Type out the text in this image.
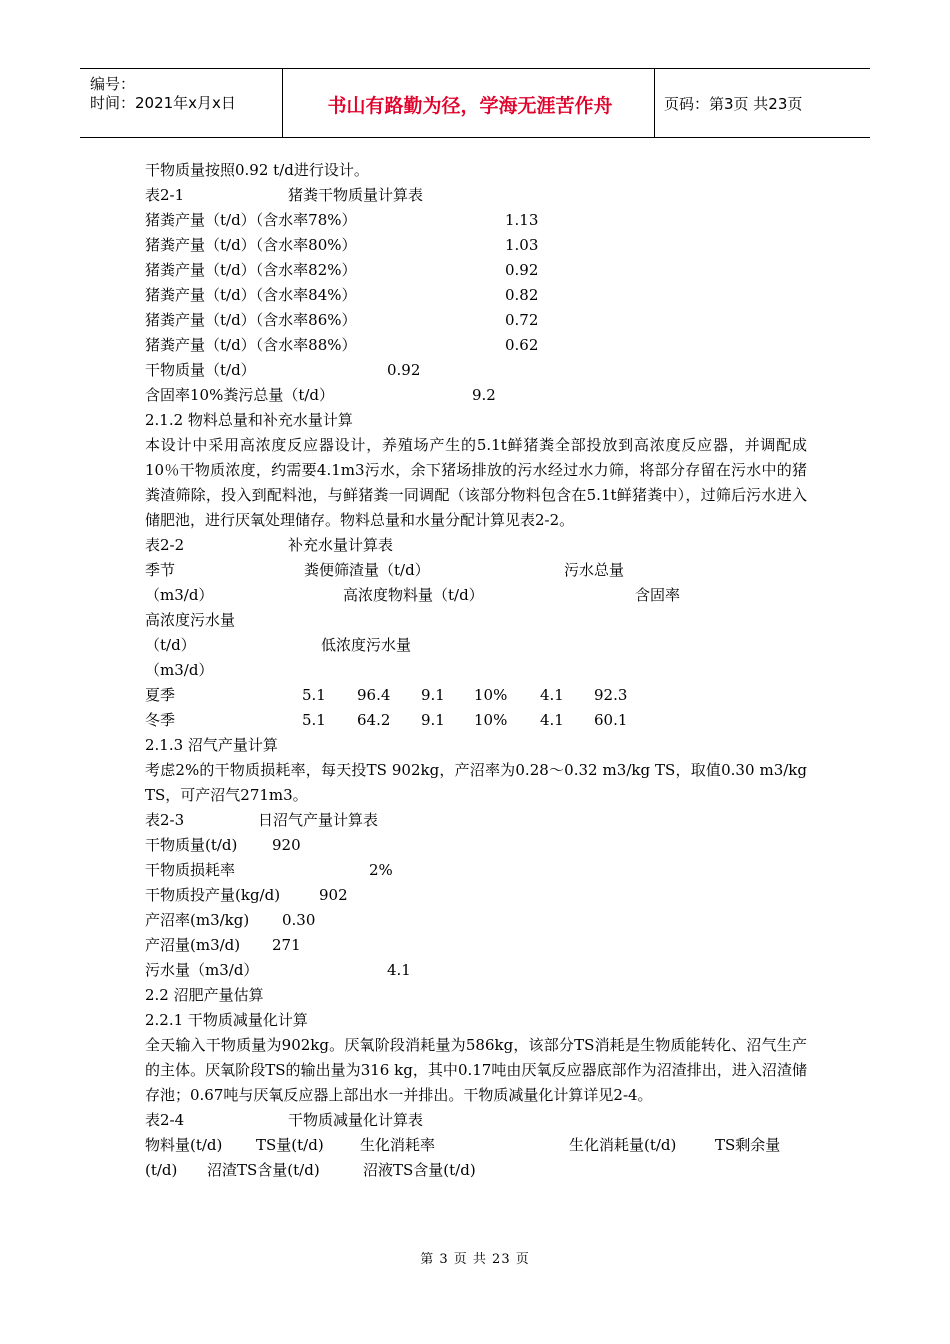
编号：
时间：2021年x月x日	书山有路勤为径，学海无涯苦作舟	页码：第3页 共23页
干物质量按照0.92 t/d进行设计。
表2-1	猪粪干物质量计算表
猪粪产量（t/d）（含水率78%）	1.13
猪粪产量（t/d）（含水率80%）	1.03
猪粪产量（t/d）（含水率82%）	0.92
猪粪产量（t/d）（含水率84%）	0.82
猪粪产量（t/d）（含水率86%）	0.72
猪粪产量（t/d）（含水率88%）	0.62
干物质量（t/d）	0.92
含固率10%粪污总量（t/d）	9.2
2.1.2 物料总量和补充水量计算
本设计中采用高浓度反应器设计，养殖场产生的5.1t鲜猪粪全部投放到高浓度反应器，并调配成10％干物质浓度，约需要4.1m3污水，余下猪场排放的污水经过水力筛，将部分存留在污水中的猪粪渣筛除，投入到配料池，与鲜猪粪一同调配（该部分物料包含在5.1t鲜猪粪中），过筛后污水进入储肥池，进行厌氧处理储存。物料总量和水量分配计算见表2-2。
表2-2	补充水量计算表
季节	粪便筛渣量（t/d）	污水总量
（m3/d）	高浓度物料量（t/d）	含固率
高浓度污水量
（t/d）	低浓度污水量
（m3/d）
夏季	5.1 96.4 9.1 10% 4.1 92.3
冬季	5.1 64.2 9.1 10% 4.1 60.1
2.1.3 沼气产量计算
考虑2%的干物质损耗率，每天投TS 902kg，产沼率为0.28～0.32 m3/kg TS，取值0.30 m3/kg TS，可产沼气271m3。
表2-3	日沼气产量计算表
干物质量(t/d) 920
干物质损耗率	2%
干物质投产量(kg/d)	902
产沼率(m3/kg) 0.30
产沼量(m3/d) 271
污水量（m3/d）	4.1
2.2 沼肥产量估算
2.2.1 干物质减量化计算
全天输入干物质量为902kg。厌氧阶段消耗量为586kg，该部分TS消耗是生物质能转化、沼气生产的主体。厌氧阶段TS的输出量为316 kg，其中0.17吨由厌氧反应器底部作为沼渣排出，进入沼渣储存池；0.67吨与厌氧反应器上部出水一并排出。干物质减量化计算详见2-4。
表2-4	干物质减量化计算表
物料量(t/d) TS量(t/d) 生化消耗率	生化消耗量(t/d)	TS剩余量
(t/d) 沼渣TS含量(t/d)	沼液TS含量(t/d)
第 3 页 共 23 页
